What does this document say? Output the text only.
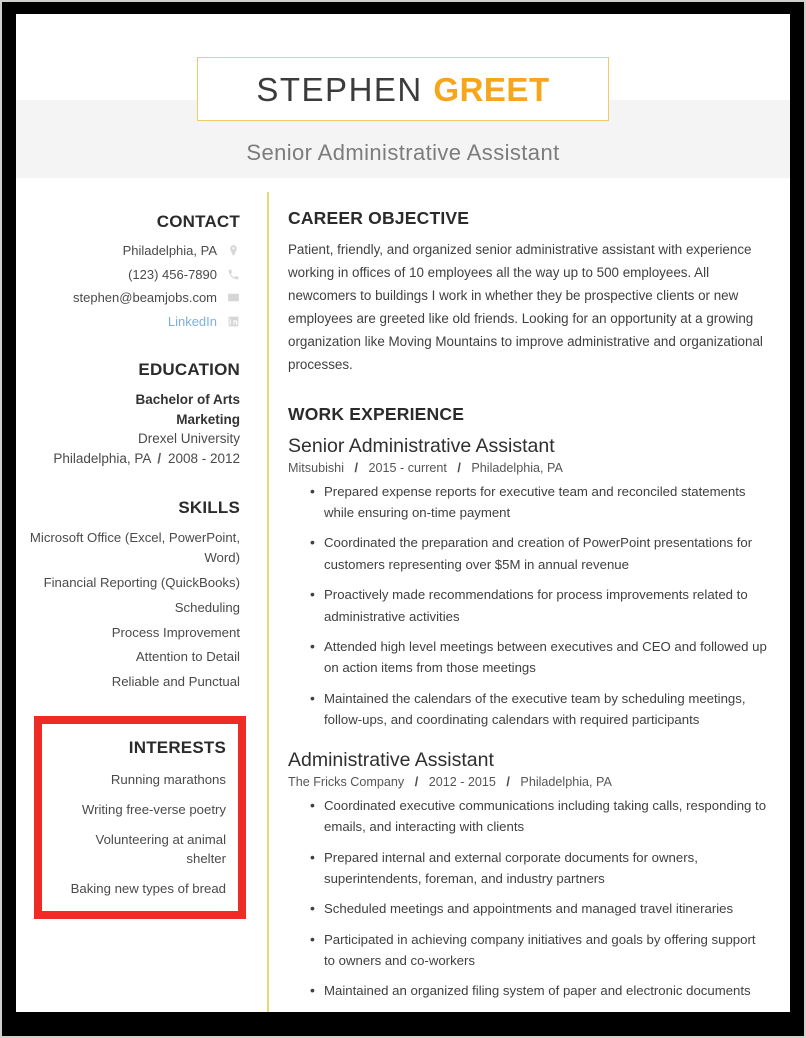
STEPHEN GREET
Senior Administrative Assistant
CONTACT
Philadelphia, PA
(123) 456-7890
stephen@beamjobs.com
LinkedIn
EDUCATION
Bachelor of Arts
Marketing
Drexel University
Philadelphia, PA / 2008 - 2012
SKILLS
Microsoft Office (Excel, PowerPoint, Word)
Financial Reporting (QuickBooks)
Scheduling
Process Improvement
Attention to Detail
Reliable and Punctual
INTERESTS
Running marathons
Writing free-verse poetry
Volunteering at animal shelter
Baking new types of bread
CAREER OBJECTIVE

Patient, friendly, and organized senior administrative assistant with experience working in offices of 10 employees all the way up to 500 employees. All newcomers to buildings I work in whether they be prospective clients or new employees are greeted like old friends. Looking for an opportunity at a growing organization like Moving Mountains to improve administrative and organizational processes.

WORK EXPERIENCE
Senior Administrative Assistant
Mitsubishi / 2015 - current / Philadelphia, PA
• Prepared expense reports for executive team and reconciled statements while ensuring on-time payment
• Coordinated the preparation and creation of PowerPoint presentations for customers representing over $5M in annual revenue
• Proactively made recommendations for process improvements related to administrative activities
• Attended high level meetings between executives and CEO and followed up on action items from those meetings
• Maintained the calendars of the executive team by scheduling meetings, follow-ups, and coordinating calendars with required participants
Administrative Assistant
The Fricks Company / 2012 - 2015 / Philadelphia, PA
• Coordinated executive communications including taking calls, responding to emails, and interacting with clients
• Prepared internal and external corporate documents for owners, superintendents, foreman, and industry partners
• Scheduled meetings and appointments and managed travel itineraries
• Participated in achieving company initiatives and goals by offering support to owners and co-workers
• Maintained an organized filing system of paper and electronic documents
